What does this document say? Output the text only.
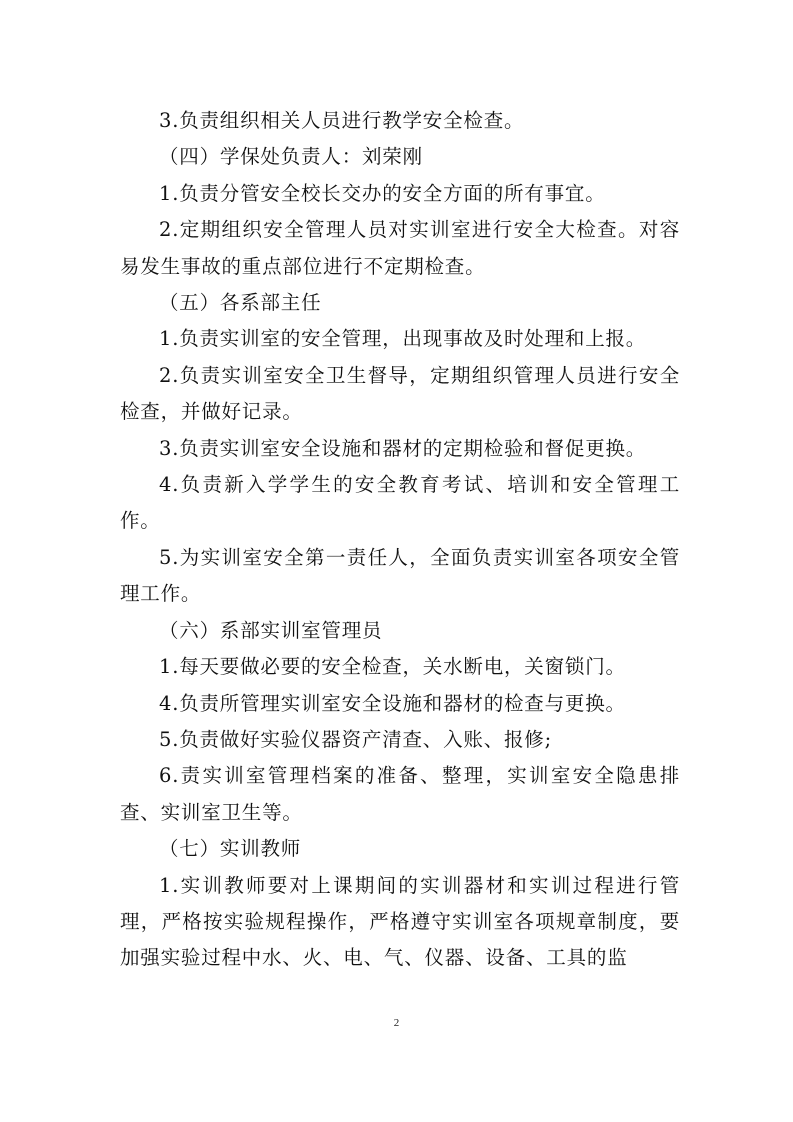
3.负责组织相关人员进行教学安全检查。

（四）学保处负责人：刘荣刚

1.负责分管安全校长交办的安全方面的所有事宜。

2.定期组织安全管理人员对实训室进行安全大检查。对容易发生事故的重点部位进行不定期检查。

（五）各系部主任

1.负责实训室的安全管理，出现事故及时处理和上报。

2.负责实训室安全卫生督导，定期组织管理人员进行安全检查，并做好记录。

3.负责实训室安全设施和器材的定期检验和督促更换。

4.负责新入学学生的安全教育考试、培训和安全管理工作。

5.为实训室安全第一责任人，全面负责实训室各项安全管理工作。

（六）系部实训室管理员

1.每天要做必要的安全检查，关水断电，关窗锁门。

4.负责所管理实训室安全设施和器材的检查与更换。

5.负责做好实验仪器资产清查、入账、报修;

6.责实训室管理档案的准备、整理，实训室安全隐患排查、实训室卫生等。

（七）实训教师

1.实训教师要对上课期间的实训器材和实训过程进行管理，严格按实验规程操作，严格遵守实训室各项规章制度，要加强实验过程中水、火、电、气、仪器、设备、工具的监

2
